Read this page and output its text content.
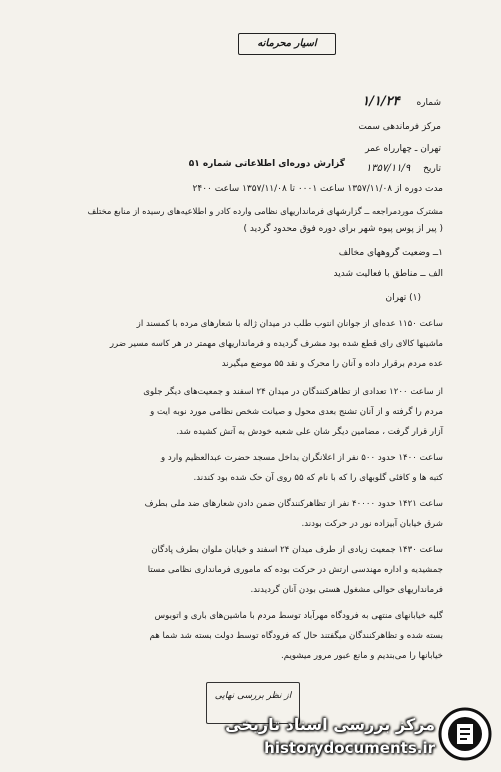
اسیار محرمانه
شماره ۱/۱/۲۴
مرکز فرماندهی سمت
تهران ـ چهارراه عمر
تاریخ ۱۳۵۷/۱۱/۹
گزارش دوره‌ای اطلاعاتی شماره ۵۱
مدت دوره از ۱۳۵۷/۱۱/۰۸ ساعت ۰۰۰۱ تا ۱۳۵۷/۱۱/۰۸ ساعت ۲۴۰۰
مشترک موردمراجعه ــ گزارشهای فرمانداریهای نظامی وارده کادر و اطلاعیه‌های رسیده از منابع مختلف
( پیر از پوس پیوه شهر برای دوره فوق محدود گردید )
۱ــ وضعیت گروههای مخالف
الف ــ مناطق با فعالیت شدید
(۱) تهران
ساعت ۱۱۵۰ عده‌ای از جوانان انتوب طلب در میدان ژاله با شعارهای مرده با کمسند از
ماشینها کالای رای قطع شده بود مشرف گردیده و فرمانداریهای مهمتر در هر کاسه مسیر ضرر
عده مردم برقرار داده و آنان را محرک و نقد ۵۵ موضع میگیرند
از ساعت ۱۲۰۰ تعدادی از تظاهرکنندگان در میدان ۲۴ اسفند و جمعیت‌های دیگر جلوی
مردم را گرفته و از آنان تشنج بعدی محول و صیانت شخص نظامی مورد نوبه ایت و
آزار قرار گرفت ، مضامین دیگر شان علی شعبه خودش به آتش کشیده شد.
ساعت ۱۴۰۰ حدود ۵۰۰ نفر از اعلانگران بداخل مسجد حضرت عبدالعظیم وارد و
کتبه ها و کافئی گلوبهای را که با نام که ۵۵ روی آن حک شده بود کندند.
ساعت ۱۴۲۱ حدود ۴۰۰۰۰ نفر از تظاهرکنندگان ضمن دادن شعارهای ضد ملی بطرف
شرق خیابان آبیزاده نور در حرکت بودند.
ساعت ۱۴۳۰ جمعیت زیادی از طرف میدان ۲۴ اسفند و خیابان ملوان بطرف پادگان
جمشیدیه و اداره مهندسی ارتش در حرکت بوده که ماموری فرمانداری نظامی مستا
فرمانداریهای حوالی مشغول هستی بودن آنان گردیدند.
گلیه خیابانهای منتهی به فرودگاه مهرآباد توسط مردم با ماشین‌های باری و اتوبوس
بسته شده و تظاهرکنندگان میگفتند حال که فرودگاه توسط دولت بسته شد شما هم
خیابانها را می‌بندیم و مانع عبور مرور میشویم.
از نظر بررسی نهایی
مرکز بررسی اسناد تاریخی
historydocuments.ir
